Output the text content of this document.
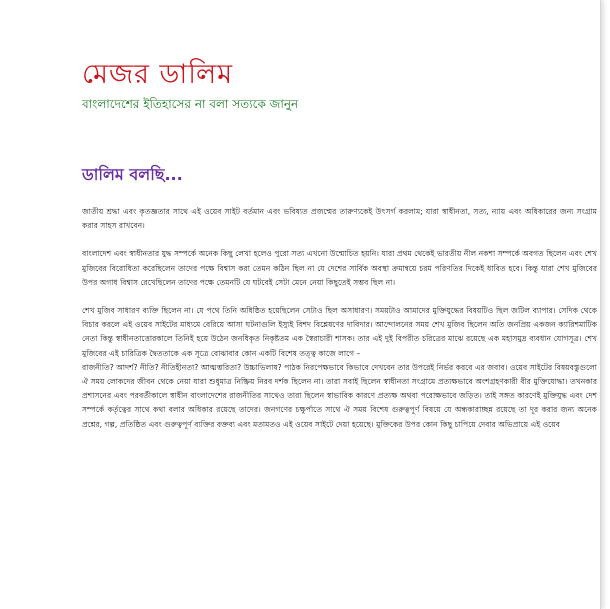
মেজর ডালিম
বাংলাদেশের ইতিহাসের না বলা সত্যকে জানুন
ডালিম বলছি...

জাতীয় শ্রদ্ধা এবং কৃতজ্ঞতার সাথে এই ওয়েব সাইট বর্তমান এবং ভবিষ্যত প্রজন্মের তারুণ্যকেই উৎসর্গ করলাম; যারা স্বাধীনতা, সত্য, ন্যায় এবং অধিকারের জন্য সংগ্রাম করার সাহস রাখবেন।

বাংলাদেশ এবং স্বাধীনতার যুদ্ধ সম্পর্কে অনেক কিছু লেখা হলেও পুরো সত্য এখনো উন্মোচিত হয়নি। যারা প্রথম থেকেই ভারতীয় নীল নকশা সম্পর্কে অবগত ছিলেন এবং শেখ মুজিবের বিরোধিতা করেছিলেন তাদের পক্ষে বিশ্বাস করা তেমন কঠিন ছিল না যে দেশের সার্বিক অবস্থা ক্রমান্বয়ে চরম পরিণতির দিকেই ধাবিত হবে। কিন্তু যারা শেখ মুজিবের উপর অগাধ বিশ্বাস রেখেছিলেন তাদের পক্ষে তেমনটি যে ঘটবেই সেটা মেনে নেয়া কিছুতেই সম্ভব ছিল না।

শেখ মুজিব সাধারণ ব্যক্তি ছিলেন না। যে পথে তিনি অধিষ্ঠিত হয়েছিলেন সেটাও ছিল অসাধারণ। সময়টাও আমাদের মুক্তিযুদ্ধের বিষয়টিও ছিল জটিল ব্যাপার। সেদিক থেকে বিচার করলে এই ওয়েব সাইটের মাধ্যমে বেরিয়ে আসা ঘটনাগুলি ইস্যুই বিশদ বিশ্লেষণের দাবিদার। আন্দোলনের সময় শেখ মুজিব ছিলেন অতি জনপ্রিয় একজন ক্যারিশমাটিক নেতা কিন্তু স্বাধীনতাত্তোরকালে তিনিই হয়ে উঠেন জনধিকৃত নিকৃষ্টতম এক স্বৈরাচারী শাসক। তার এই দুই বিপরীত চরিত্রের মাঝে রয়েছে এক মহাসমুদ্র ব্যবধান যোগসূত্র। শেখ মুজিবের এই চারিত্রিক দ্বৈততাকে এক সূত্রে বোঝাবার কোন একটি বিশেষ তত্ত্ব কাজে লাগে –

রাজনীতি? আদর্শ? নীতি? নীতিহীনতা? আত্মম্ভরিতা? উচ্চাভিলাষ? পাঠক নিরপেক্ষভাবে কিভাবে দেখবেন তার উপরেই নির্ভর করবে এর জবাব। ওয়েব সাইটের বিষয়বস্তুগুলো ঐ সময় লোকদের জীবন থেকে নেয়া যারা শুধুমাত্র নিষ্ক্রিয় নিরব দর্শক ছিলেন না। তারা সবাই ছিলেন স্বাধীনতা সংগ্রামে প্রত্যক্ষভাবে অংশগ্রহণকারী বীর মুক্তিযোদ্ধা। তখনকার প্রশাসনের এবং পরবর্তীকালে স্বাধীন বাংলাদেশের রাজনীতির সাথেও তারা ছিলেন স্বাভাবিক কারণে প্রত্যক্ষ অথবা পরোক্ষভাবে জড়িত। তাই সঙ্গত কারণেই মুক্তিযুদ্ধ এবং দেশ সম্পর্কে কর্তৃত্বের সাথে কথা বলার অধিকার রয়েছে তাদের। জনগণের চক্ষুর্পাতে সাথে ঐ সময় বিশেষ গুরুত্বপূর্ণ বিষয়ে যে অন্ধকারাচ্ছন্ন রয়েছে তা দূর করার জন্য অনেক প্রশ্নের, গল্প, প্রতিষ্ঠিত এবং গুরুত্বপূর্ণ ব্যক্তির বক্তব্য এবং মতামতও এই ওয়েব সাইটে দেয়া হয়েছে। মুক্তিকের উপর কোন কিছু চাপিয়ে দেবার অভিপ্রায়ে এই ওয়েব
